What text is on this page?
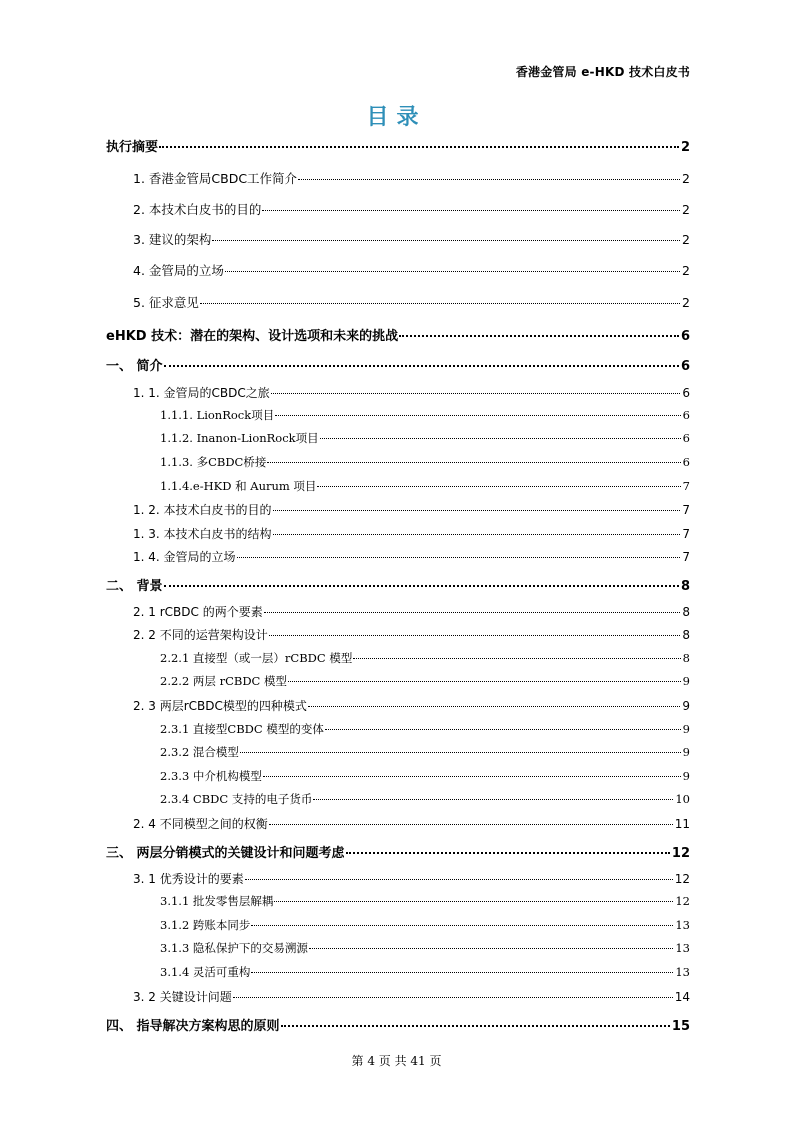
香港金管局 e-HKD 技术白皮书
目录
执行摘要	2
1. 香港金管局CBDC工作简介	2
2. 本技术白皮书的目的	2
3. 建议的架构	2
4. 金管局的立场	2
5. 征求意见	2
eHKD 技术：潜在的架构、设计选项和未来的挑战	6
一、 简介	6
1. 1. 金管局的CBDC之旅	6
1.1.1. LionRock项目	6
1.1.2. Inanon-LionRock项目	6
1.1.3. 多CBDC桥接	6
1.1.4.e-HKD 和 Aurum 项目	7
1. 2. 本技术白皮书的目的	7
1. 3. 本技术白皮书的结构	7
1. 4. 金管局的立场	7
二、 背景	8
2. 1 rCBDC 的两个要素	8
2. 2 不同的运营架构设计	8
2.2.1 直接型（或一层）rCBDC 模型	8
2.2.2 两层 rCBDC 模型	9
2. 3 两层rCBDC模型的四种模式	9
2.3.1 直接型CBDC 模型的变体	9
2.3.2 混合模型	9
2.3.3 中介机构模型	9
2.3.4 CBDC 支持的电子货币	10
2. 4 不同模型之间的权衡	11
三、 两层分销模式的关键设计和问题考虑	12
3. 1 优秀设计的要素	12
3.1.1 批发零售层解耦	12
3.1.2 跨账本同步	13
3.1.3 隐私保护下的交易溯源	13
3.1.4 灵活可重构	13
3. 2 关键设计问题	14
四、 指导解决方案构思的原则	15
第 4 页 共 41 页
